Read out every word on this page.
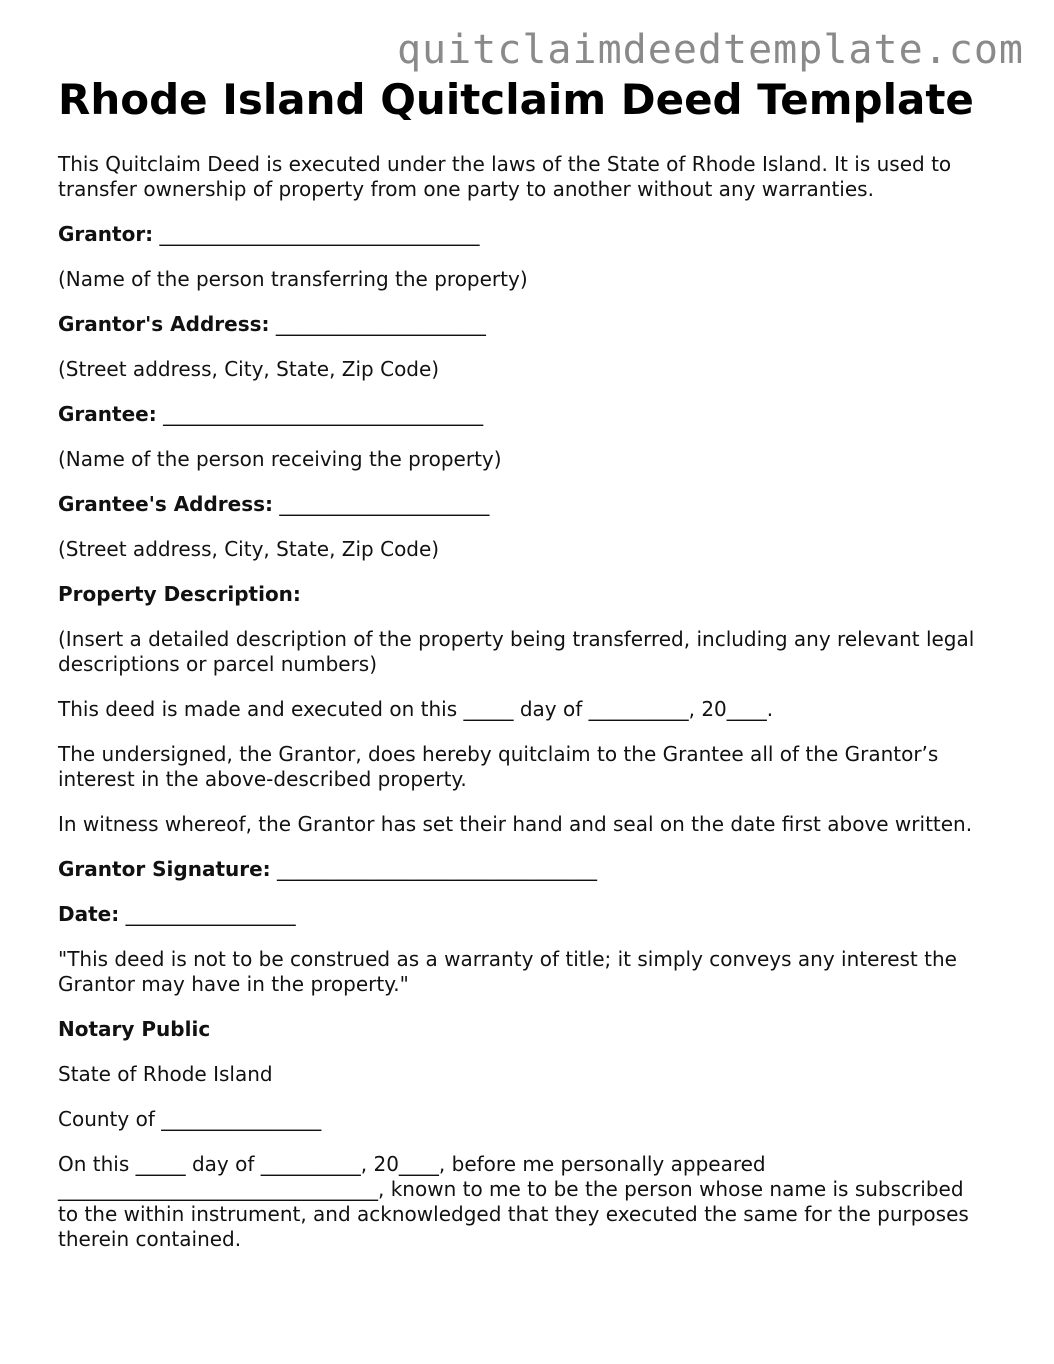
quitclaimdeedtemplate.com
Rhode Island Quitclaim Deed Template

This Quitclaim Deed is executed under the laws of the State of Rhode Island. It is used to transfer ownership of property from one party to another without any warranties.

Grantor: ________________________________

(Name of the person transferring the property)

Grantor's Address: _____________________

(Street address, City, State, Zip Code)

Grantee: ________________________________

(Name of the person receiving the property)

Grantee's Address: _____________________

(Street address, City, State, Zip Code)

Property Description:

(Insert a detailed description of the property being transferred, including any relevant legal descriptions or parcel numbers)

This deed is made and executed on this _____ day of __________, 20____.

The undersigned, the Grantor, does hereby quitclaim to the Grantee all of the Grantor’s interest in the above-described property.

In witness whereof, the Grantor has set their hand and seal on the date first above written.

Grantor Signature: ________________________________

Date: _________________

"This deed is not to be construed as a warranty of title; it simply conveys any interest the Grantor may have in the property."

Notary Public

State of Rhode Island

County of ________________

On this _____ day of __________, 20____, before me personally appeared ________________________________, known to me to be the person whose name is subscribed to the within instrument, and acknowledged that they executed the same for the purposes therein contained.
